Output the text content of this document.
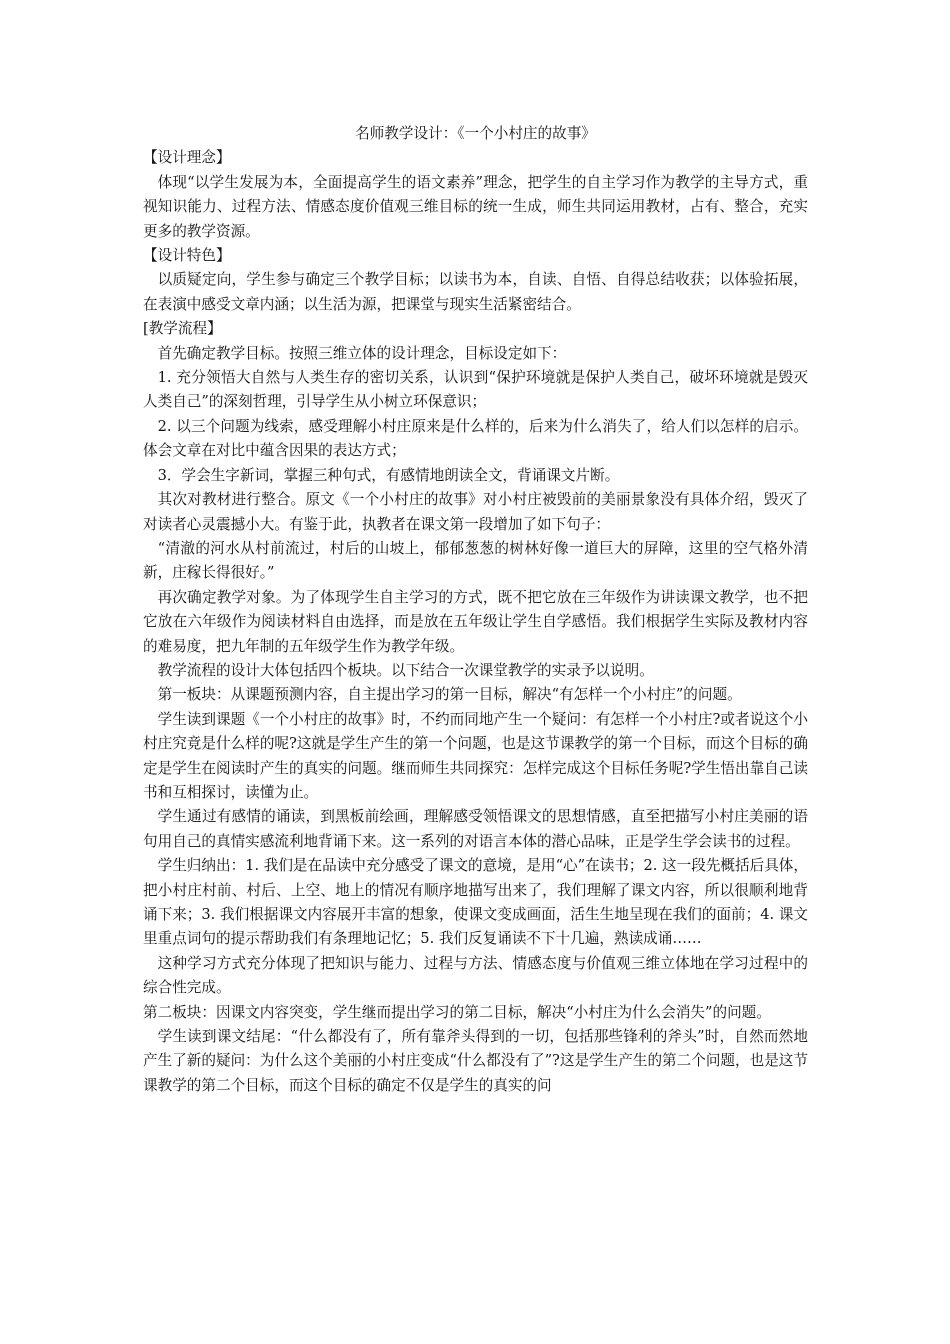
名师教学设计：《一个小村庄的故事》

【设计理念】

体现“以学生发展为本，全面提高学生的语文素养”理念，把学生的自主学习作为教学的主导方式，重视知识能力、过程方法、情感态度价值观三维目标的统一生成，师生共同运用教材，占有、整合，充实更多的教学资源。

【设计特色】

以质疑定向，学生参与确定三个教学目标；以读书为本，自读、自悟、自得总结收获；以体验拓展，在表演中感受文章内涵；以生活为源，把课堂与现实生活紧密结合。

[教学流程】

首先确定教学目标。按照三维立体的设计理念，目标设定如下：

1. 充分领悟大自然与人类生存的密切关系，认识到“保护环境就是保护人类自己，破坏环境就是毁灭人类自己”的深刻哲理，引导学生从小树立环保意识；

2. 以三个问题为线索，感受理解小村庄原来是什么样的，后来为什么消失了，给人们以怎样的启示。体会文章在对比中蕴含因果的表达方式；

3．学会生字新词，掌握三种句式，有感情地朗读全文，背诵课文片断。

其次对教材进行整合。原文《一个小村庄的故事》对小村庄被毁前的美丽景象没有具体介绍，毁灭了对读者心灵震撼小大。有鉴于此，执教者在课文第一段增加了如下句子：

“清澈的河水从村前流过，村后的山坡上，郁郁葱葱的树林好像一道巨大的屏障，这里的空气格外清新，庄稼长得很好。”

再次确定教学对象。为了体现学生自主学习的方式，既不把它放在三年级作为讲读课文教学，也不把它放在六年级作为阅读材料自由选择，而是放在五年级让学生自学感悟。我们根据学生实际及教材内容的难易度，把九年制的五年级学生作为教学年级。

教学流程的设计大体包括四个板块。以下结合一次课堂教学的实录予以说明。

第一板块：从课题预测内容，自主提出学习的第一目标，解决“有怎样一个小村庄”的问题。

学生读到课题《一个小村庄的故事》时，不约而同地产生一个疑问：有怎样一个小村庄?或者说这个小村庄究竟是什么样的呢?这就是学生产生的第一个问题，也是这节课教学的第一个目标，而这个目标的确定是学生在阅读时产生的真实的问题。继而师生共同探究：怎样完成这个目标任务呢?学生悟出靠自己读书和互相探讨，读懂为止。

学生通过有感情的诵读，到黑板前绘画，理解感受领悟课文的思想情感，直至把描写小村庄美丽的语句用自己的真情实感流利地背诵下来。这一系列的对语言本体的潜心品味，正是学生学会读书的过程。

学生归纳出：1. 我们是在品读中充分感受了课文的意境，是用“心”在读书；2. 这一段先概括后具体，把小村庄村前、村后、上空、地上的情况有顺序地描写出来了，我们理解了课文内容，所以很顺利地背诵下来；3. 我们根据课文内容展开丰富的想象，使课文变成画面，活生生地呈现在我们的面前；4. 课文里重点词句的提示帮助我们有条理地记忆；5. 我们反复诵读不下十几遍，熟读成诵……

这种学习方式充分体现了把知识与能力、过程与方法、情感态度与价值观三维立体地在学习过程中的综合性完成。

第二板块：因课文内容突变，学生继而提出学习的第二目标，解决“小村庄为什么会消失”的问题。

学生读到课文结尾：“什么都没有了，所有靠斧头得到的一切，包括那些锋利的斧头”时，自然而然地产生了新的疑问：为什么这个美丽的小村庄变成“什么都没有了”?这是学生产生的第二个问题，也是这节课教学的第二个目标，而这个目标的确定不仅是学生的真实的问
